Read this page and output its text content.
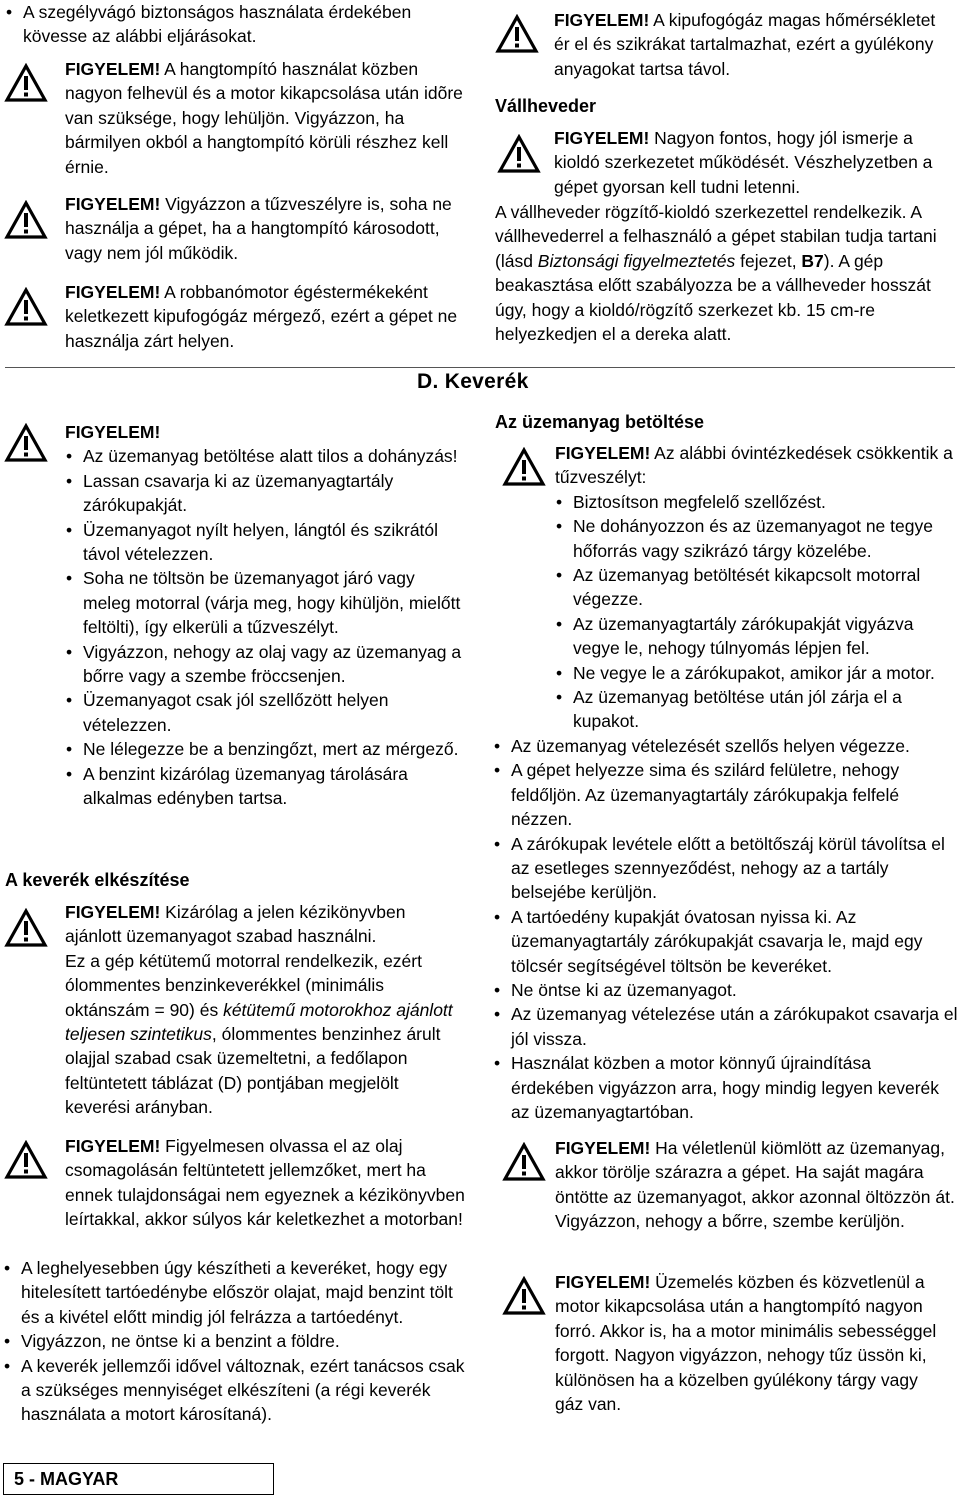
• A szegélyvágó biztonságos használata érdekében kövesse az alábbi eljárásokat.
FIGYELEM! A hangtompító használat közben nagyon felhevül és a motor kikapcsolása után idõre van szüksége, hogy lehüljön. Vigyázzon, ha bármilyen okból a hangtompító körüli részhez kell érnie.
FIGYELEM! Vigyázzon a tűzveszélyre is, soha ne használja a gépet, ha a hangtompító károsodott, vagy nem jól működik.
FIGYELEM! A robbanómotor égéstermékeként keletkezett kipufogógáz mérgező, ezért a gépet ne használja zárt helyen.
FIGYELEM!
• Az üzemanyag betöltése alatt tilos a dohányzás!
• Lassan csavarja ki az üzemanyagtartály zárókupakját.
• Üzemanyagot nyílt helyen, lángtól és szikrától távol vételezzen.
• Soha ne töltsön be üzemanyagot járó vagy meleg motorral (várja meg, hogy kihüljön, mielőtt feltölti), így elkerüli a tűzveszélyt.
• Vigyázzon, nehogy az olaj vagy az üzemanyag a bőrre vagy a szembe fröccsenjen.
• Üzemanyagot csak jól szellőzött helyen vételezzen.
• Ne lélegezze be a benzingőzt, mert az mérgező.
• A benzint kizárólag üzemanyag tárolására alkalmas edényben tartsa.
A keverék elkészítése
FIGYELEM! Kizárólag a jelen kézikönyvben ajánlott üzemanyagot szabad használni.
Ez a gép kétütemű motorral rendelkezik, ezért ólommentes benzinkeverékkel (minimális oktánszám = 90) és kétütemű motorokhoz ajánlott teljesen szintetikus, ólommentes benzinhez árult olajjal szabad csak üzemeltetni, a fedőlapon feltüntetett táblázat (D) pontjában megjelölt keverési arányban.
FIGYELEM! Figyelmesen olvassa el az olaj csomagolásán feltüntetett jellemzőket, mert ha ennek tulajdonságai nem egyeznek a kézikönyvben leírtakkal, akkor súlyos kár keletkezhet a motorban!
• A leghelyesebben úgy készítheti a keveréket, hogy egy hitelesített tartóedénybe először olajat, majd benzint tölt és a kivétel előtt mindig jól felrázza a tartóedényt.
• Vigyázzon, ne öntse ki a benzint a földre.
• A keverék jellemzői idővel változnak, ezért tanácsos csak a szükséges mennyiséget elkészíteni (a régi keverék használata a motort károsítaná).
5 - MAGYAR
D. Keverék
FIGYELEM! A kipufogógáz magas hőmérsékletet ér el és szikrákat tartalmazhat, ezért a gyúlékony anyagokat tartsa távol.
Vállheveder
FIGYELEM! Nagyon fontos, hogy jól ismerje a kioldó szerkezetet működését. Vészhelyzetben a gépet gyorsan kell tudni letenni.
A vállheveder rögzítő-kioldó szerkezettel rendelkezik. A vállhevederrel a felhasználó a gépet stabilan tudja tartani (lásd Biztonsági figyelmeztetés fejezet, B7). A gép beakasztása előtt szabályozza be a vállheveder hosszát úgy, hogy a kioldó/rögzítő szerkezet kb. 15 cm-re helyezkedjen el a dereka alatt.
Az üzemanyag betöltése
FIGYELEM! Az alábbi óvintézkedések csökkentik a tűzveszélyt:
• Biztosítson megfelelő szellőzést.
• Ne dohányozzon és az üzemanyagot ne tegye hőforrás vagy szikrázó tárgy közelébe.
• Az üzemanyag betöltését kikapcsolt motorral végezze.
• Az üzemanyagtartály zárókupakját vigyázva vegye le, nehogy túlnyomás lépjen fel.
• Ne vegye le a zárókupakot, amikor jár a motor.
• Az üzemanyag betöltése után jól zárja el a kupakot.
• Az üzemanyag vételezését szellős helyen végezze.
• A gépet helyezze sima és szilárd felületre, nehogy feldőljön. Az üzemanyagtartály zárókupakja felfelé nézzen.
• A zárókupak levétele előtt a betöltőszáj körül távolítsa el az esetleges szennyeződést, nehogy az a tartály belsejébe kerüljön.
• A tartóedény kupakját óvatosan nyissa ki. Az üzemanyagtartály zárókupakját csavarja le, majd egy tölcsér segítségével töltsön be keveréket.
• Ne öntse ki az üzemanyagot.
• Az üzemanyag vételezése után a zárókupakot csavarja el jól vissza.
• Használat közben a motor könnyű újraindítása érdekében vigyázzon arra, hogy mindig legyen keverék az üzemanyagtartóban.
FIGYELEM! Ha véletlenül kiömlött az üzemanyag, akkor törölje szárazra a gépet. Ha saját magára öntötte az üzemanyagot, akkor azonnal öltözzön át. Vigyázzon, nehogy a bőrre, szembe kerüljön.
FIGYELEM! Üzemelés közben és közvetlenül a motor kikapcsolása után a hangtompító nagyon forró. Akkor is, ha a motor minimális sebességgel forgott. Nagyon vigyázzon, nehogy tűz üssön ki, különösen ha a közelben gyúlékony tárgy vagy gáz van.
